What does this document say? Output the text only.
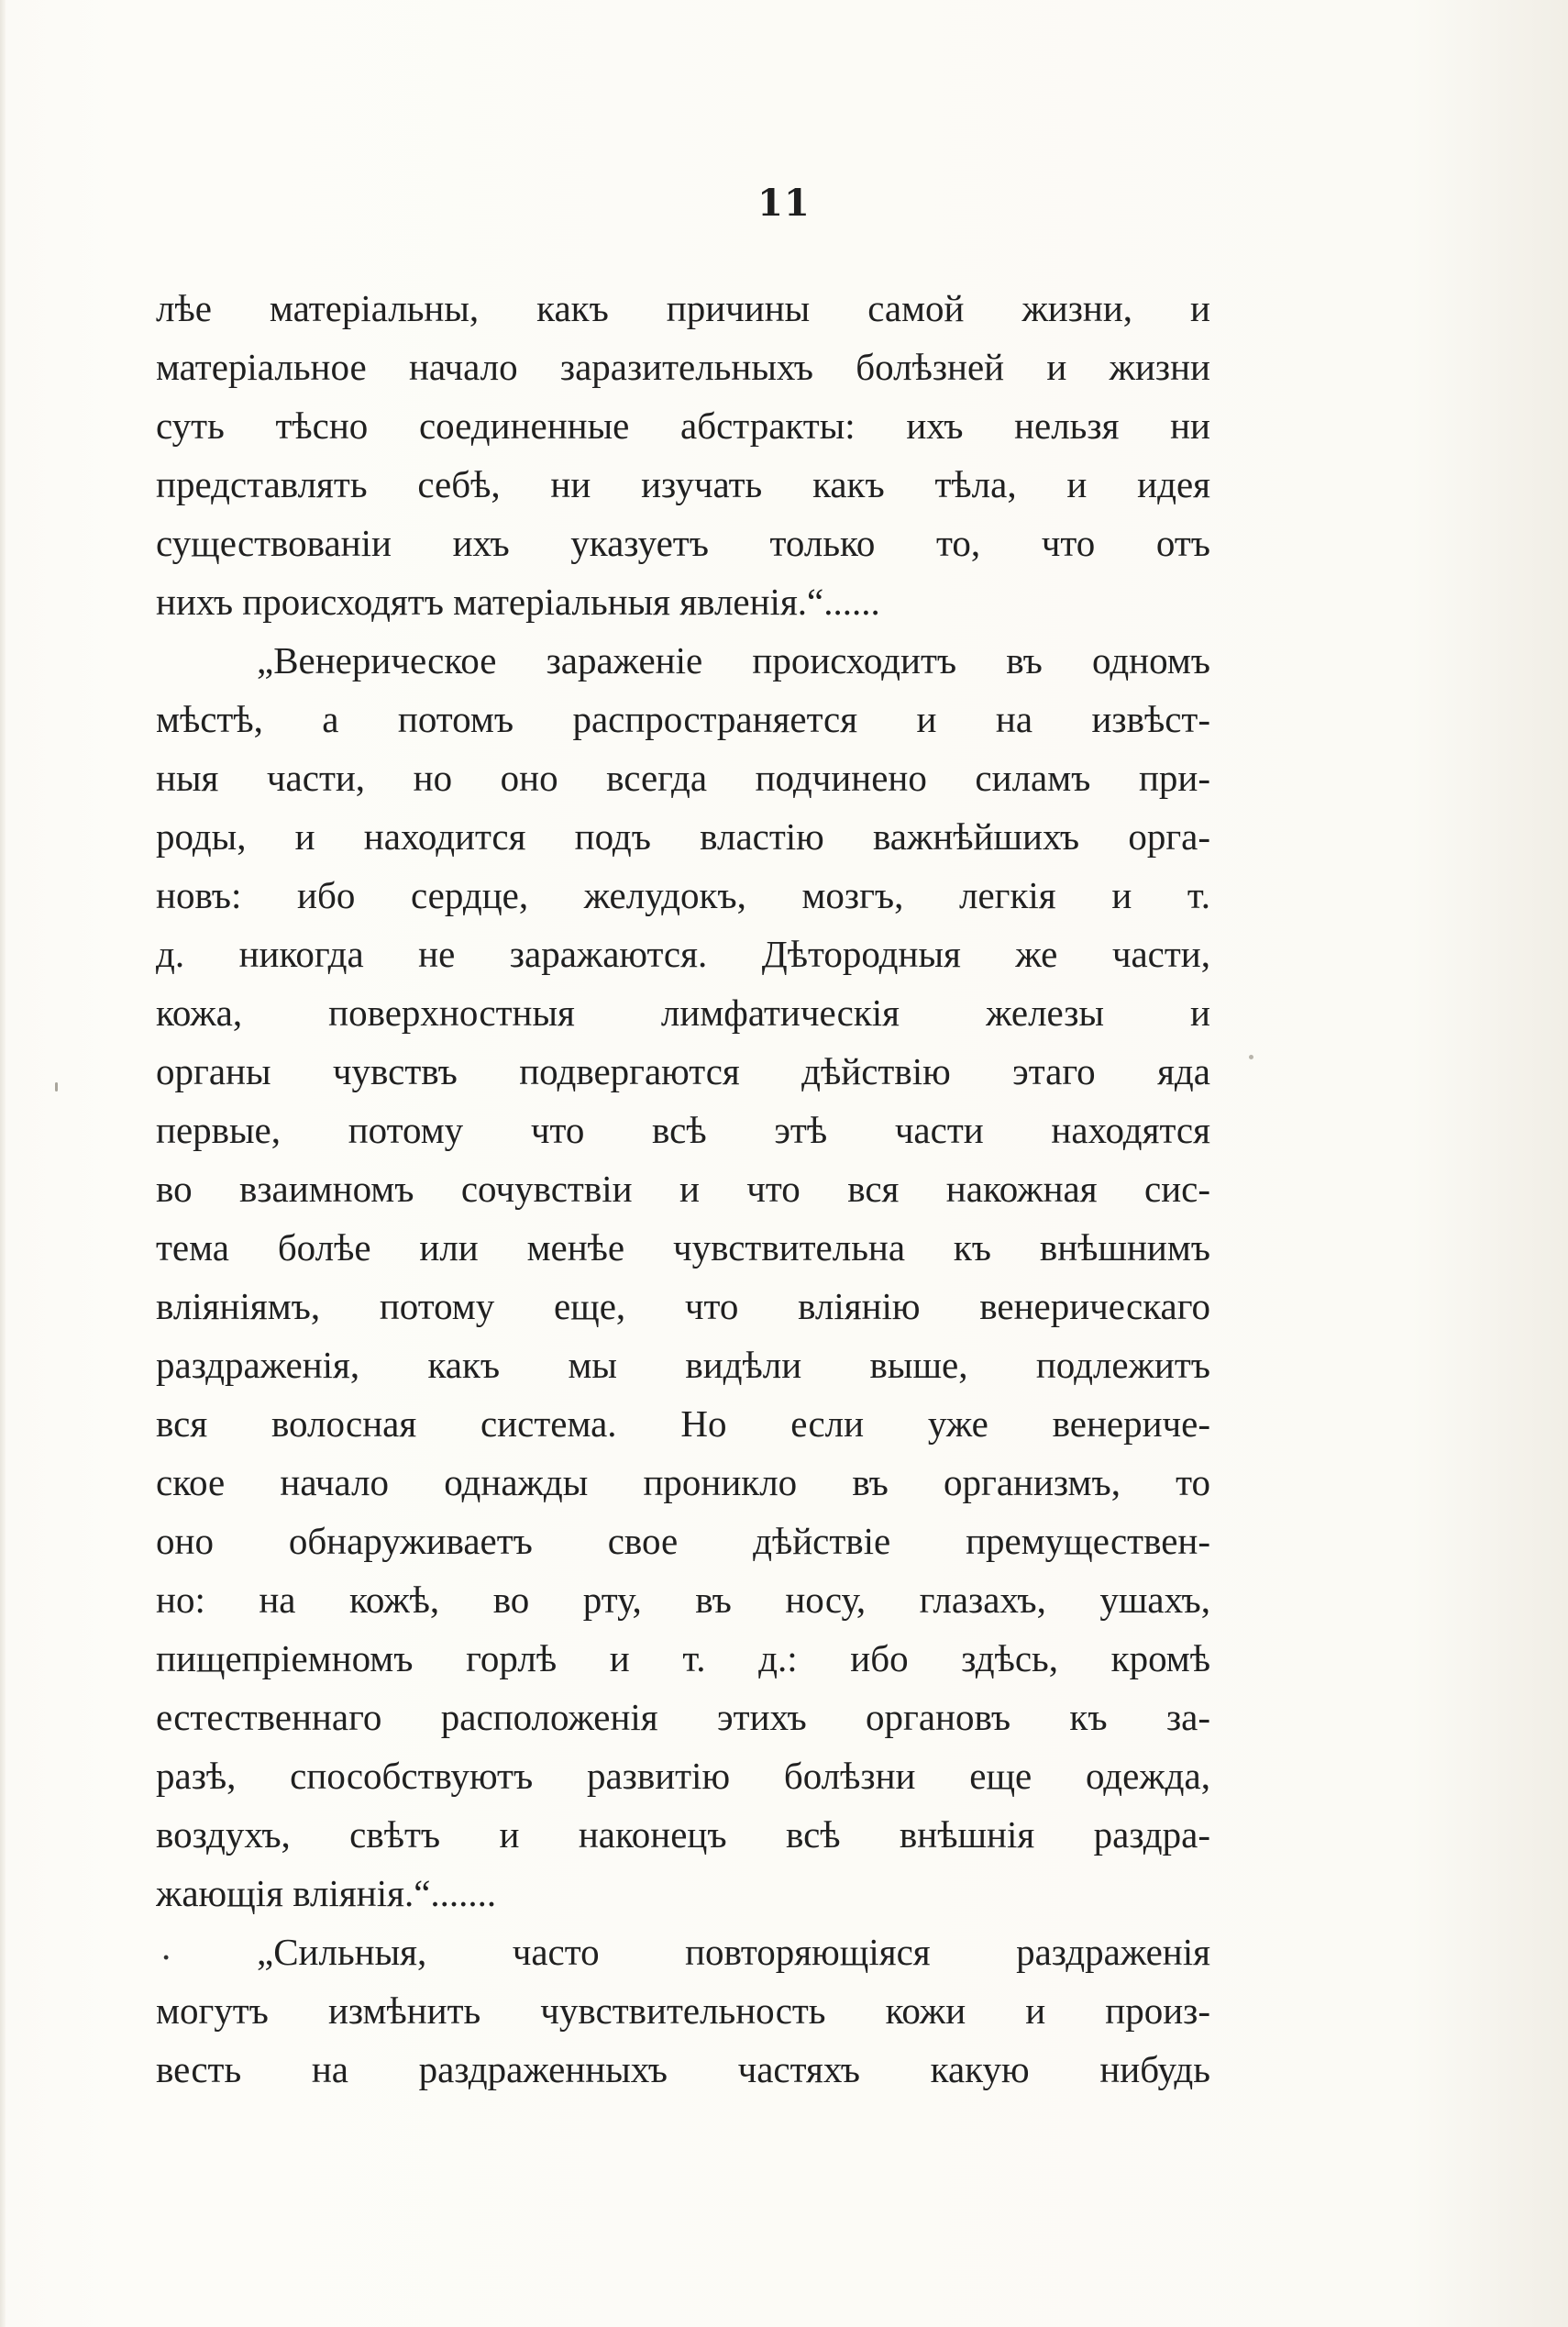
11
лѣе матеріальны, какъ причины самой жизни, и
матеріальное начало заразительныхъ болѣзней и жизни
суть тѣсно соединенные абстракты: ихъ нельзя ни
представлять себѣ, ни изучать какъ тѣла, и идея
существованіи ихъ указуетъ только то, что отъ
нихъ происходятъ матеріальныя явленія.“......
„Венерическое зараженіе происходитъ въ одномъ
мѣстѣ, а потомъ распространяется и на извѣст-
ныя части, но оно всегда подчинено силамъ при-
роды, и находится подъ властію важнѣйшихъ орга-
новъ: ибо сердце, желудокъ, мозгъ, легкія и т.
д. никогда не заражаются. Дѣтородныя же части,
кожа, поверхностныя лимфатическія железы и
органы чувствъ подвергаются дѣйствію этаго яда
первые, потому что всѣ этѣ части находятся
во взаимномъ сочувствіи и что вся накожная сис-
тема болѣе или менѣе чувствительна къ внѣшнимъ
вліяніямъ, потому еще, что вліянію венерическаго
раздраженія, какъ мы видѣли выше, подлежитъ
вся волосная система. Но если уже венериче-
ское начало однажды проникло въ организмъ, то
оно обнаруживаетъ свое дѣйствіе премуществен-
но: на кожѣ, во рту, въ носу, глазахъ, ушахъ,
пищепріемномъ горлѣ и т. д.: ибо здѣсь, кромѣ
естественнаго расположенія этихъ органовъ къ за-
разѣ, способствуютъ развитію болѣзни еще одежда,
воздухъ, свѣтъ и наконецъ всѣ внѣшнія раздра-
жающія вліянія.“.......
„Сильныя, часто повторяющіяся раздраженія
могутъ измѣнить чувствительность кожи и произ-
весть на раздраженныхъ частяхъ какую нибудь
.
